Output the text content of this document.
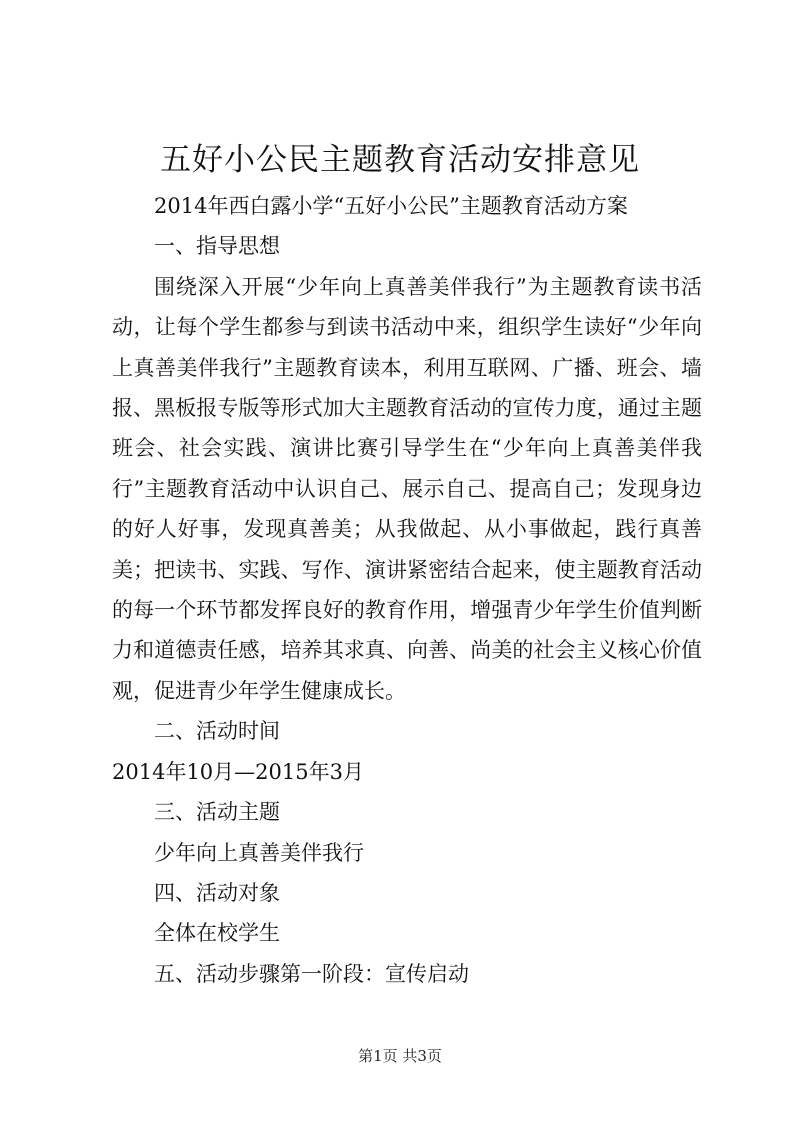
五好小公民主题教育活动安排意见

2014年西白露小学“五好小公民”主题教育活动方案

一、指导思想

围绕深入开展“少年向上真善美伴我行”为主题教育读书活动，让每个学生都参与到读书活动中来，组织学生读好“少年向上真善美伴我行”主题教育读本，利用互联网、广播、班会、墙报、黑板报专版等形式加大主题教育活动的宣传力度，通过主题班会、社会实践、演讲比赛引导学生在“少年向上真善美伴我行”主题教育活动中认识自己、展示自己、提高自己；发现身边的好人好事，发现真善美；从我做起、从小事做起，践行真善美；把读书、实践、写作、演讲紧密结合起来，使主题教育活动的每一个环节都发挥良好的教育作用，增强青少年学生价值判断力和道德责任感，培养其求真、向善、尚美的社会主义核心价值观，促进青少年学生健康成长。

二、活动时间

2014年10月—2015年3月

三、活动主题

少年向上真善美伴我行

四、活动对象

全体在校学生

五、活动步骤第一阶段：宣传启动

第1页 共3页
